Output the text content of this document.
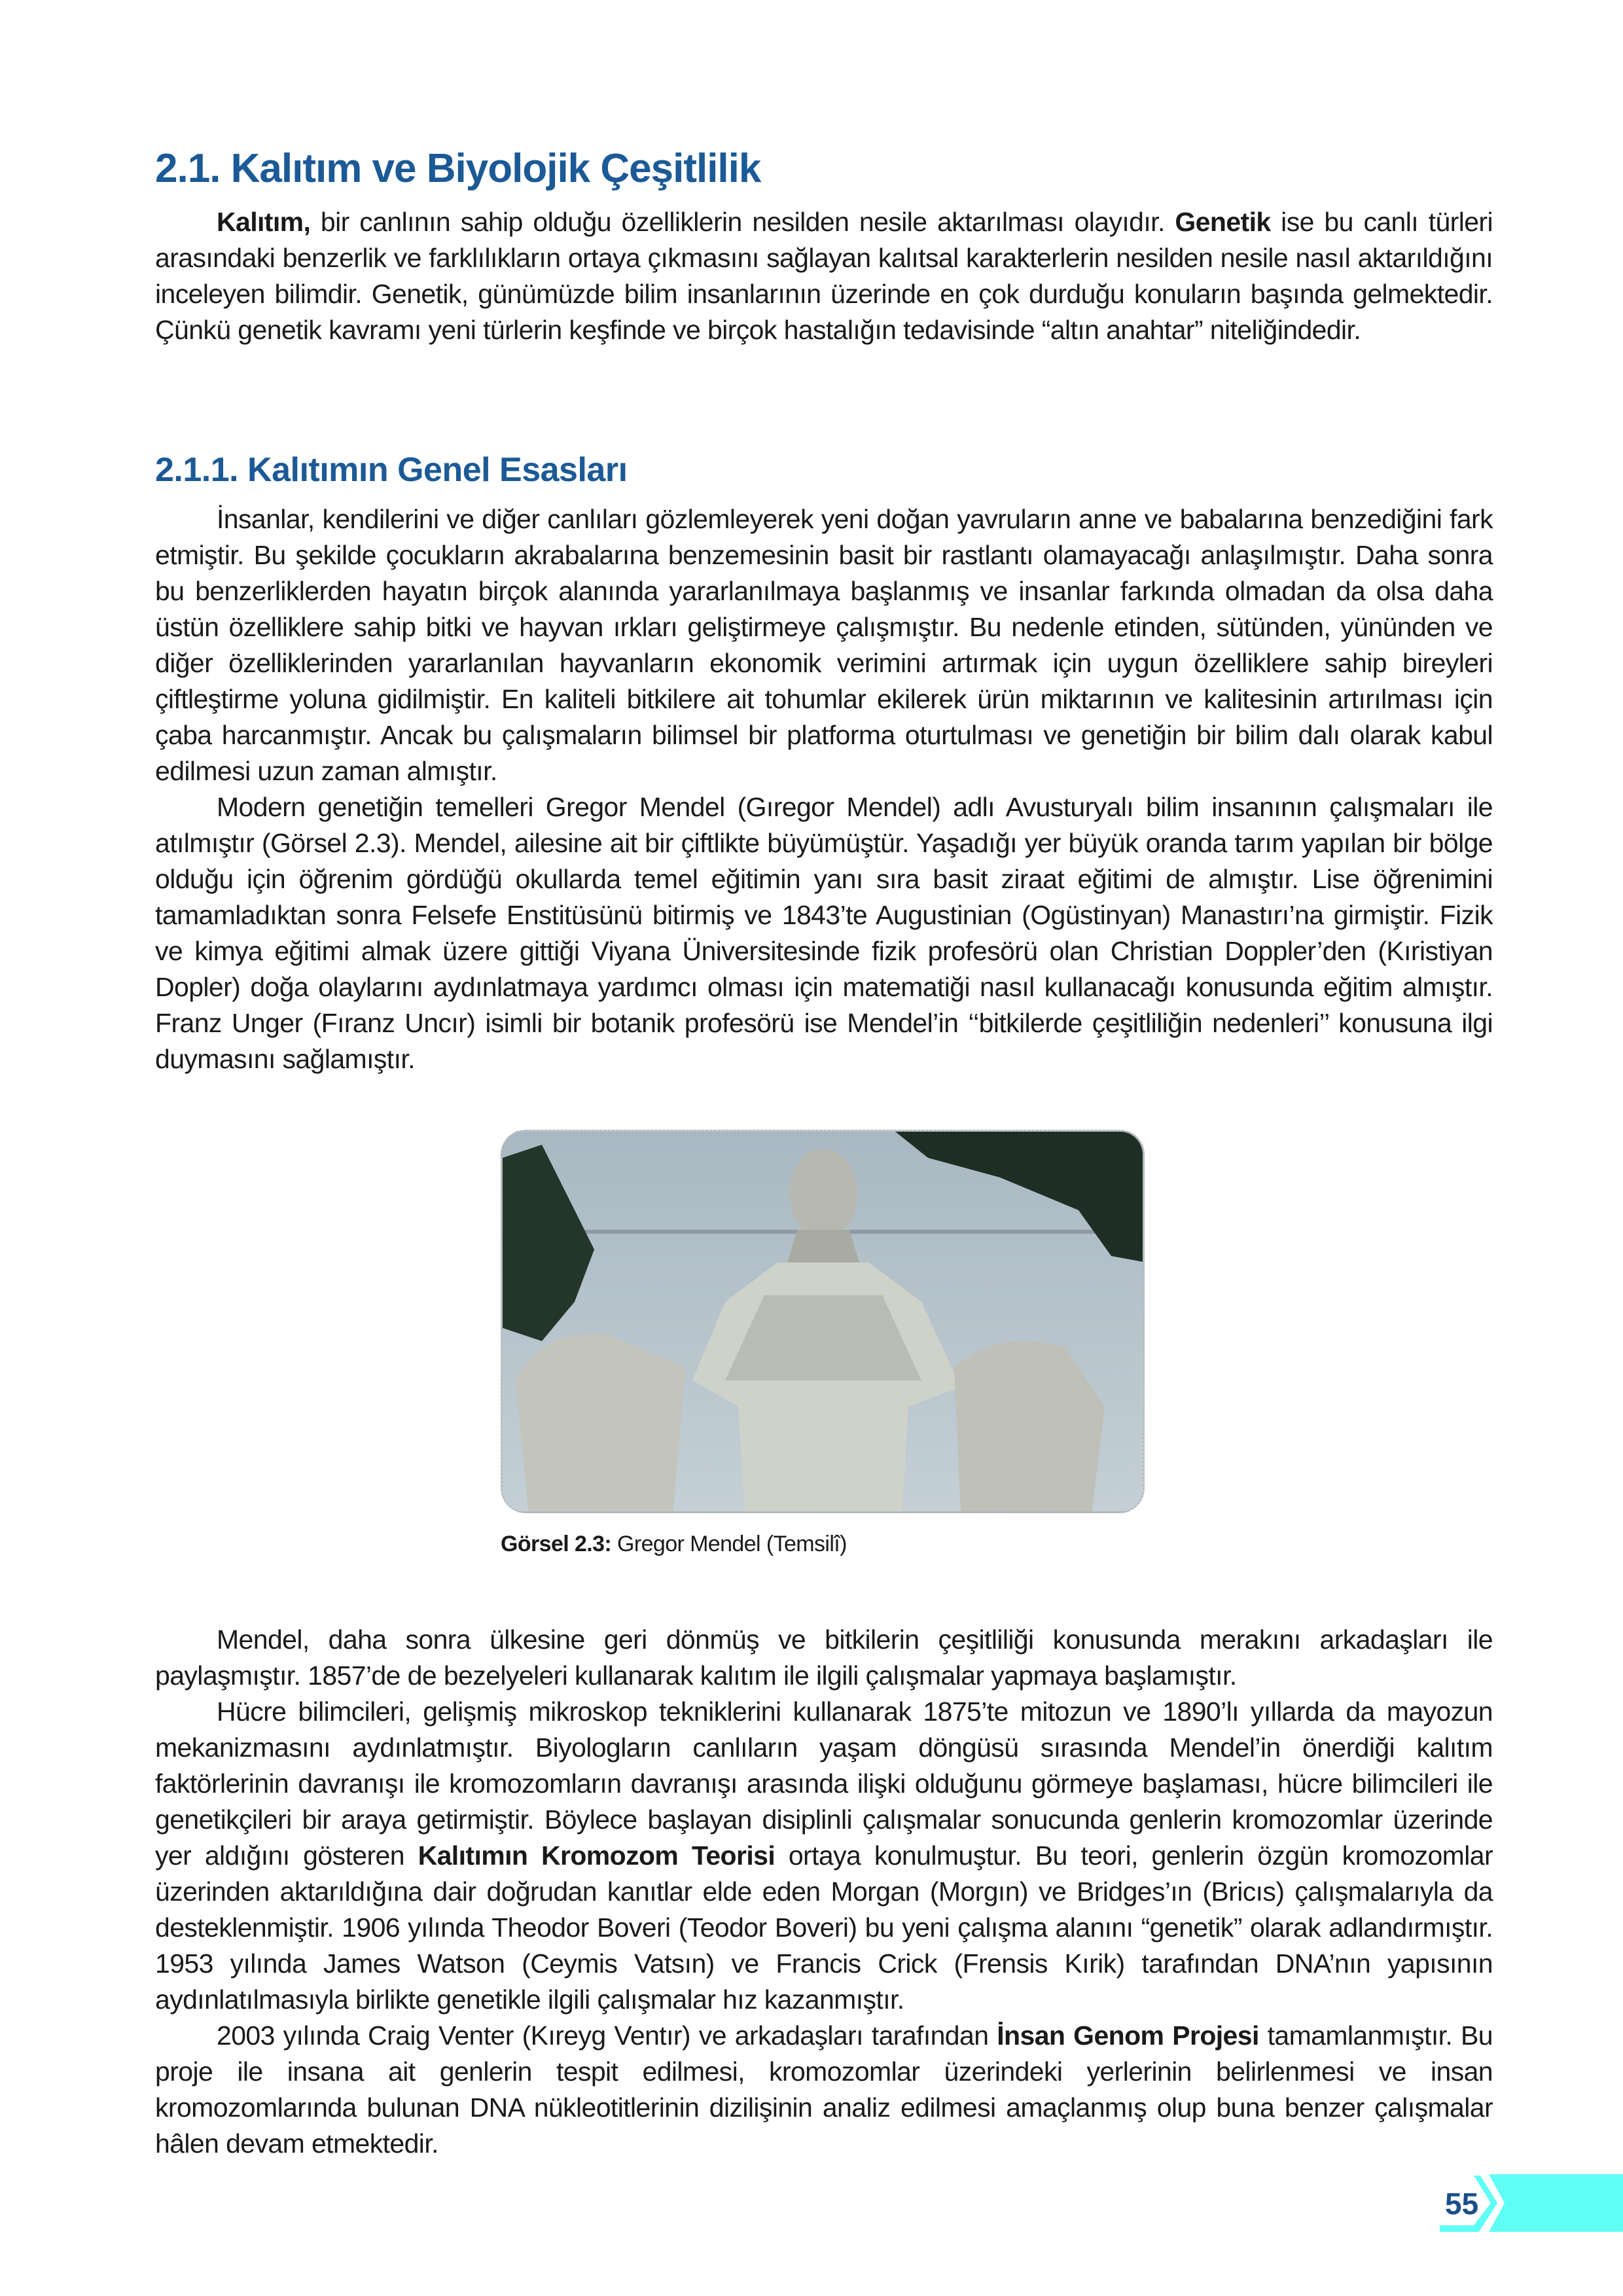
2.1. Kalıtım ve Biyolojik Çeşitlilik

Kalıtım, bir canlının sahip olduğu özelliklerin nesilden nesile aktarılması olayıdır. Genetik ise bu canlı türleri arasındaki benzerlik ve farklılıkların ortaya çıkmasını sağlayan kalıtsal karakterlerin nesilden nesile nasıl aktarıldığını inceleyen bilimdir. Genetik, günümüzde bilim insanlarının üzerinde en çok durduğu konuların başında gelmektedir. Çünkü genetik kavramı yeni türlerin keşfinde ve birçok hastalığın tedavisinde “altın anahtar” niteliğindedir.

2.1.1. Kalıtımın Genel Esasları

İnsanlar, kendilerini ve diğer canlıları gözlemleyerek yeni doğan yavruların anne ve babalarına benzediğini fark etmiştir. Bu şekilde çocukların akrabalarına benzemesinin basit bir rastlantı olamayacağı anlaşılmıştır. Daha sonra bu benzerliklerden hayatın birçok alanında yararlanılmaya başlanmış ve insanlar farkında olmadan da olsa daha üstün özelliklere sahip bitki ve hayvan ırkları geliştirmeye çalışmıştır. Bu nedenle etinden, sütünden, yününden ve diğer özelliklerinden yararlanılan hayvanların ekonomik verimini artırmak için uygun özelliklere sahip bireyleri çiftleştirme yoluna gidilmiştir. En kaliteli bitkilere ait tohumlar ekilerek ürün miktarının ve kalitesinin artırılması için çaba harcanmıştır. Ancak bu çalışmaların bilimsel bir platforma oturtulması ve genetiğin bir bilim dalı olarak kabul edilmesi uzun zaman almıştır.

Modern genetiğin temelleri Gregor Mendel (Gıregor Mendel) adlı Avusturyalı bilim insanının çalışmaları ile atılmıştır (Görsel 2.3). Mendel, ailesine ait bir çiftlikte büyümüştür. Yaşadığı yer büyük oranda tarım yapılan bir bölge olduğu için öğrenim gördüğü okullarda temel eğitimin yanı sıra basit ziraat eğitimi de almıştır. Lise öğrenimini tamamladıktan sonra Felsefe Enstitüsünü bitirmiş ve 1843’te Augustinian (Ogüstinyan) Manastırı’na girmiştir. Fizik ve kimya eğitimi almak üzere gittiği Viyana Üniversitesinde fizik profesörü olan Christian Doppler’den (Kıristiyan Dopler) doğa olaylarını aydınlatmaya yardımcı olması için matematiği nasıl kullanacağı konusunda eğitim almıştır. Franz Unger (Fıranz Uncır) isimli bir botanik profesörü ise Mendel’in ‘‘bitkilerde çeşitliliğin nedenleri’’ konusuna ilgi duymasını sağlamıştır.

Görsel 2.3: Gregor Mendel (Temsilî)

Mendel, daha sonra ülkesine geri dönmüş ve bitkilerin çeşitliliği konusunda merakını arkadaşları ile paylaşmıştır. 1857’de de bezelyeleri kullanarak kalıtım ile ilgili çalışmalar yapmaya başlamıştır.

Hücre bilimcileri, gelişmiş mikroskop tekniklerini kullanarak 1875’te mitozun ve 1890’lı yıllarda da mayozun mekanizmasını aydınlatmıştır. Biyologların canlıların yaşam döngüsü sırasında Mendel’in önerdiği kalıtım faktörlerinin davranışı ile kromozomların davranışı arasında ilişki olduğunu görmeye başlaması, hücre bilimcileri ile genetikçileri bir araya getirmiştir. Böylece başlayan disiplinli çalışmalar sonucunda genlerin kromozomlar üzerinde yer aldığını gösteren Kalıtımın Kromozom Teorisi ortaya konulmuştur. Bu teori, genlerin özgün kromozomlar üzerinden aktarıldığına dair doğrudan kanıtlar elde eden Morgan (Morgın) ve Bridges’ın (Bricıs) çalışmalarıyla da desteklenmiştir. 1906 yılında Theodor Boveri (Teodor Boveri) bu yeni çalışma alanını “genetik” olarak adlandırmıştır. 1953 yılında James Watson (Ceymis Vatsın) ve Francis Crick (Frensis Kırik) tarafından DNA’nın yapısının aydınlatılmasıyla birlikte genetikle ilgili çalışmalar hız kazanmıştır.

2003 yılında Craig Venter (Kıreyg Ventır) ve arkadaşları tarafından İnsan Genom Projesi tamamlanmıştır. Bu proje ile insana ait genlerin tespit edilmesi, kromozomlar üzerindeki yerlerinin belirlenmesi ve insan kromozomlarında bulunan DNA nükleotitlerinin dizilişinin analiz edilmesi amaçlanmış olup buna benzer çalışmalar hâlen devam etmektedir.

55
